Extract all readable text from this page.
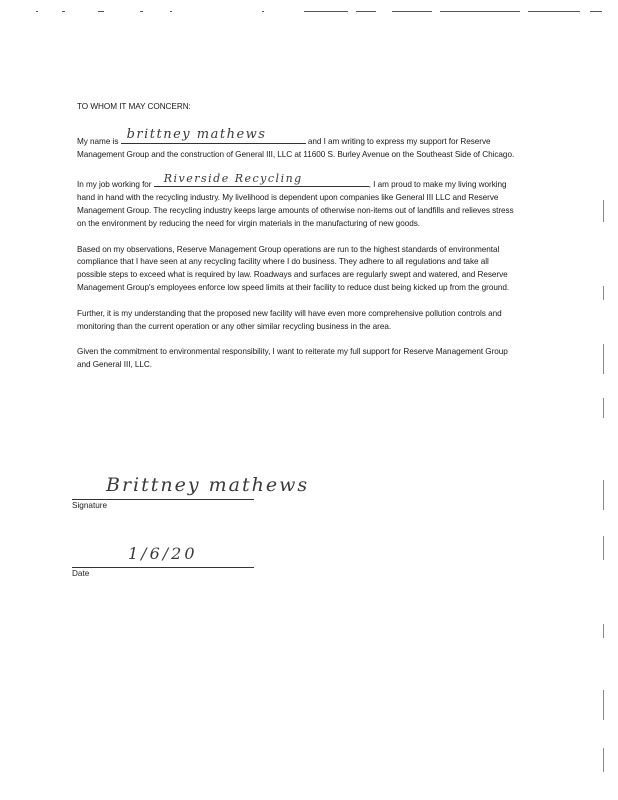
TO WHOM IT MAY CONCERN:

My name is brittney mathews	and I am writing to express my support for Reserve Management Group and the construction of General III, LLC at 11600 S. Burley Avenue on the Southeast Side of Chicago.

In my job working for
Riverside Recycling
, I am proud to make my living working hand in hand with the recycling industry. My livelihood is dependent upon companies like General III LLC and Reserve Management Group. The recycling industry keeps large amounts of otherwise non-items out of landfills and relieves stress on the environment by reducing the need for virgin materials in the manufacturing of new goods.

Based on my observations, Reserve Management Group operations are run to the highest standards of environmental compliance that I have seen at any recycling facility where I do business. They adhere to all regulations and take all possible steps to exceed what is required by law. Roadways and surfaces are regularly swept and watered, and Reserve Management Group's employees enforce low speed limits at their facility to reduce dust being kicked up from the ground.

Further, it is my understanding that the proposed new facility will have even more comprehensive pollution controls and monitoring than the current operation or any other similar recycling business in the area.

Given the commitment to environmental responsibility, I want to reiterate my full support for Reserve Management Group and General III, LLC.

Brittney mathews
Signature
1/6/20
Date
